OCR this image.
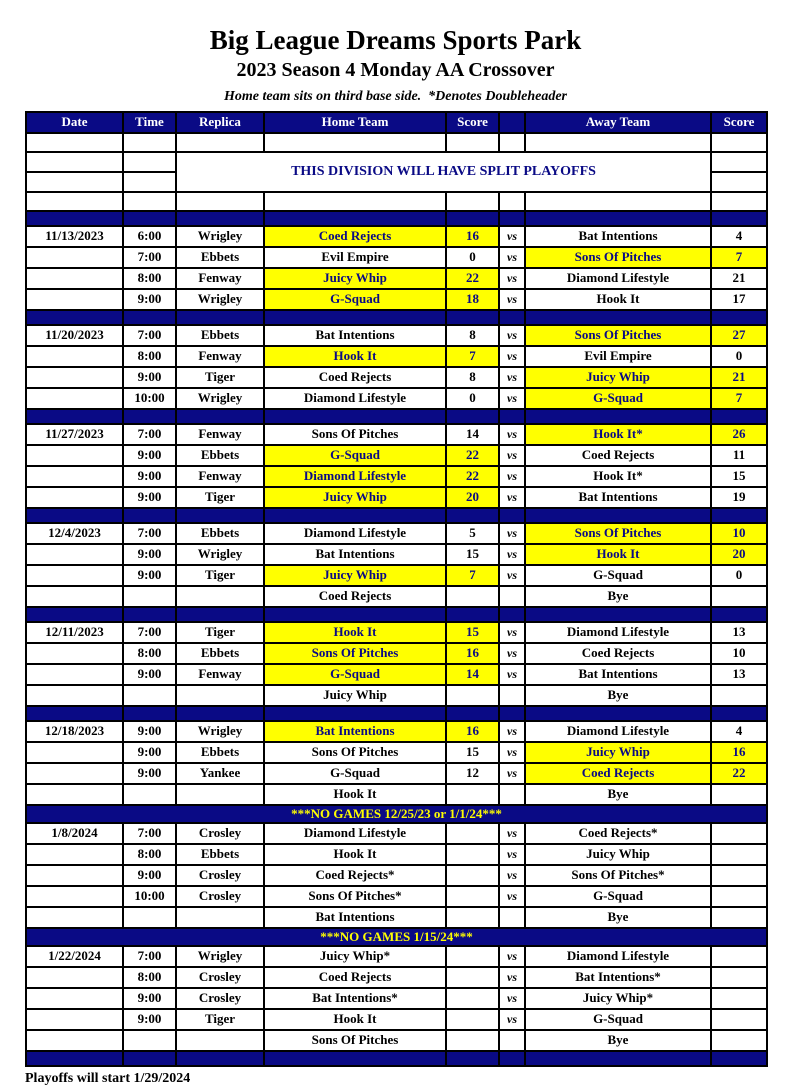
Big League Dreams Sports Park
2023 Season 4 Monday AA Crossover
Home team sits on third base side.  *Denotes Doubleheader
Date	Time	Replica	Home Team	Score		Away Team	Score

		THIS DIVISION WILL HAVE SPLIT PLAYOFFS					

11/13/2023	6:00	Wrigley	Coed Rejects	16	vs	Bat Intentions	4
	7:00	Ebbets	Evil Empire	0	vs	Sons Of Pitches	7
	8:00	Fenway	Juicy Whip	22	vs	Diamond Lifestyle	21
	9:00	Wrigley	G-Squad	18	vs	Hook It	17

11/20/2023	7:00	Ebbets	Bat Intentions	8	vs	Sons Of Pitches	27
	8:00	Fenway	Hook It	7	vs	Evil Empire	0
	9:00	Tiger	Coed Rejects	8	vs	Juicy Whip	21
	10:00	Wrigley	Diamond Lifestyle	0	vs	G-Squad	7

11/27/2023	7:00	Fenway	Sons Of Pitches	14	vs	Hook It*	26
	9:00	Ebbets	G-Squad	22	vs	Coed Rejects	11
	9:00	Fenway	Diamond Lifestyle	22	vs	Hook It*	15
	9:00	Tiger	Juicy Whip	20	vs	Bat Intentions	19

12/4/2023	7:00	Ebbets	Diamond Lifestyle	5	vs	Sons Of Pitches	10
	9:00	Wrigley	Bat Intentions	15	vs	Hook It	20
	9:00	Tiger	Juicy Whip	7	vs	G-Squad	0
			Coed Rejects			Bye	

12/11/2023	7:00	Tiger	Hook It	15	vs	Diamond Lifestyle	13
	8:00	Ebbets	Sons Of Pitches	16	vs	Coed Rejects	10
	9:00	Fenway	G-Squad	14	vs	Bat Intentions	13
			Juicy Whip			Bye	

12/18/2023	9:00	Wrigley	Bat Intentions	16	vs	Diamond Lifestyle	4
	9:00	Ebbets	Sons Of Pitches	15	vs	Juicy Whip	16
	9:00	Yankee	G-Squad	12	vs	Coed Rejects	22
			Hook It			Bye	
***NO GAMES 12/25/23 or 1/1/24***							
1/8/2024	7:00	Crosley	Diamond Lifestyle		vs	Coed Rejects*	
	8:00	Ebbets	Hook It		vs	Juicy Whip	
	9:00	Crosley	Coed Rejects*		vs	Sons Of Pitches*	
	10:00	Crosley	Sons Of Pitches*		vs	G-Squad	
			Bat Intentions			Bye	
***NO GAMES 1/15/24***							
1/22/2024	7:00	Wrigley	Juicy Whip*		vs	Diamond Lifestyle	
	8:00	Crosley	Coed Rejects		vs	Bat Intentions*	
	9:00	Crosley	Bat Intentions*		vs	Juicy Whip*	
	9:00	Tiger	Hook It		vs	G-Squad	
			Sons Of Pitches			Bye	

Playoffs will start 1/29/2024
